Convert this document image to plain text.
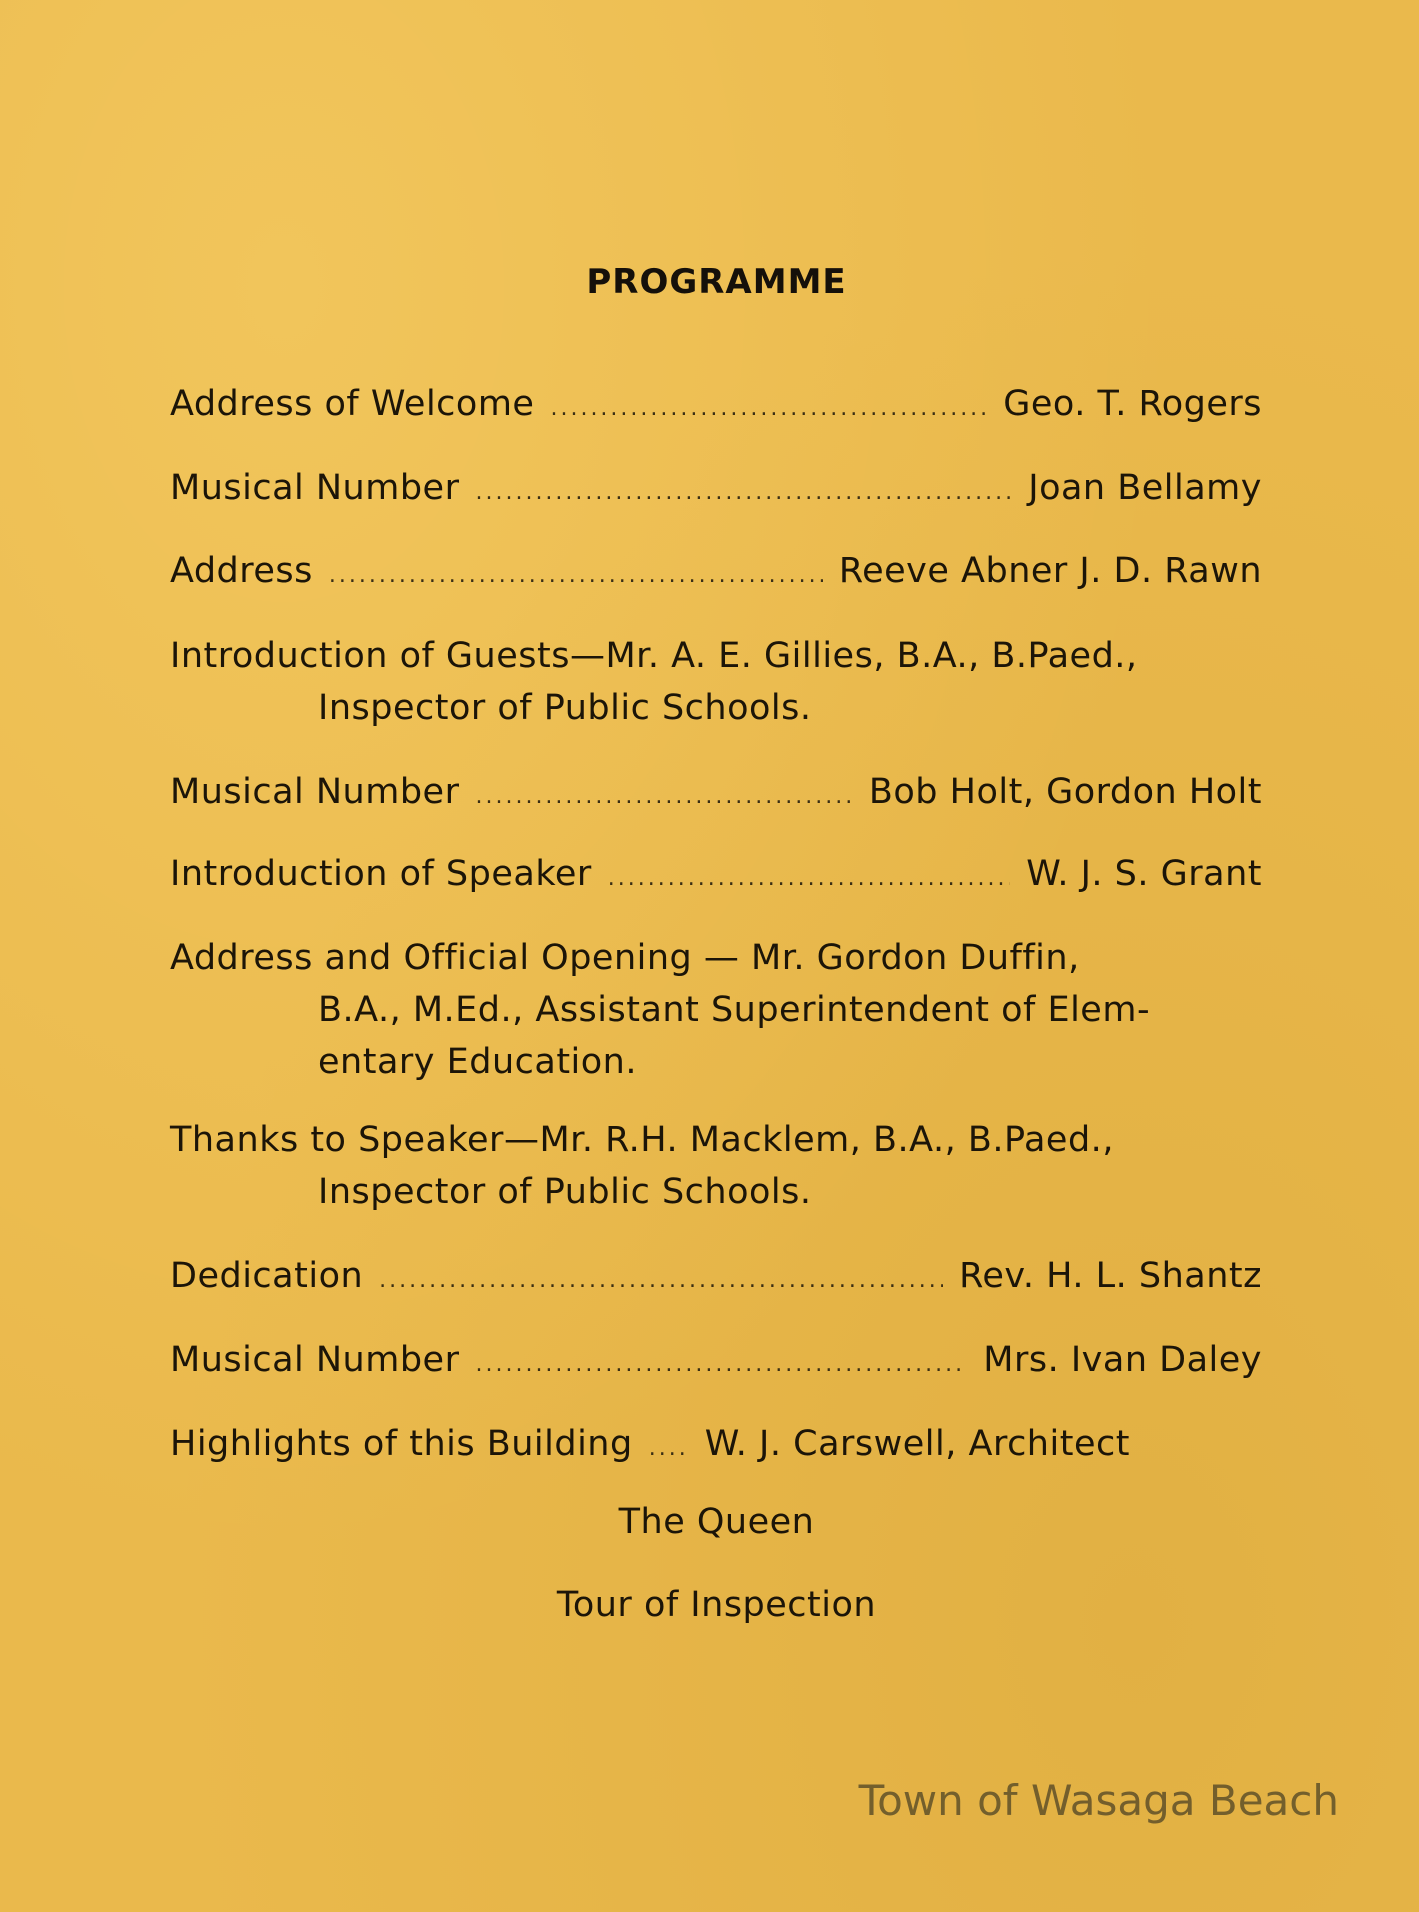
PROGRAMME
Address of Welcome .....	Geo. T. Rogers
Musical Number .....	Joan Bellamy
Address .....	Reeve Abner J. D. Rawn
Introduction of Guests—Mr. A. E. Gillies, B.A., B.Paed.,
Inspector of Public Schools.
Musical Number .....	Bob Holt, Gordon Holt
Introduction of Speaker .....	W. J. S. Grant
Address and Official Opening — Mr. Gordon Duffin,
B.A., M.Ed., Assistant Superintendent of Elem-
entary Education.
Thanks to Speaker—Mr. R.H. Macklem, B.A., B.Paed.,
Inspector of Public Schools.
Dedication .....	Rev. H. L. Shantz
Musical Number .....	Mrs. Ivan Daley
Highlights of this Building ..... W. J. Carswell, Architect
The Queen
Tour of Inspection
Town of Wasaga Beach
